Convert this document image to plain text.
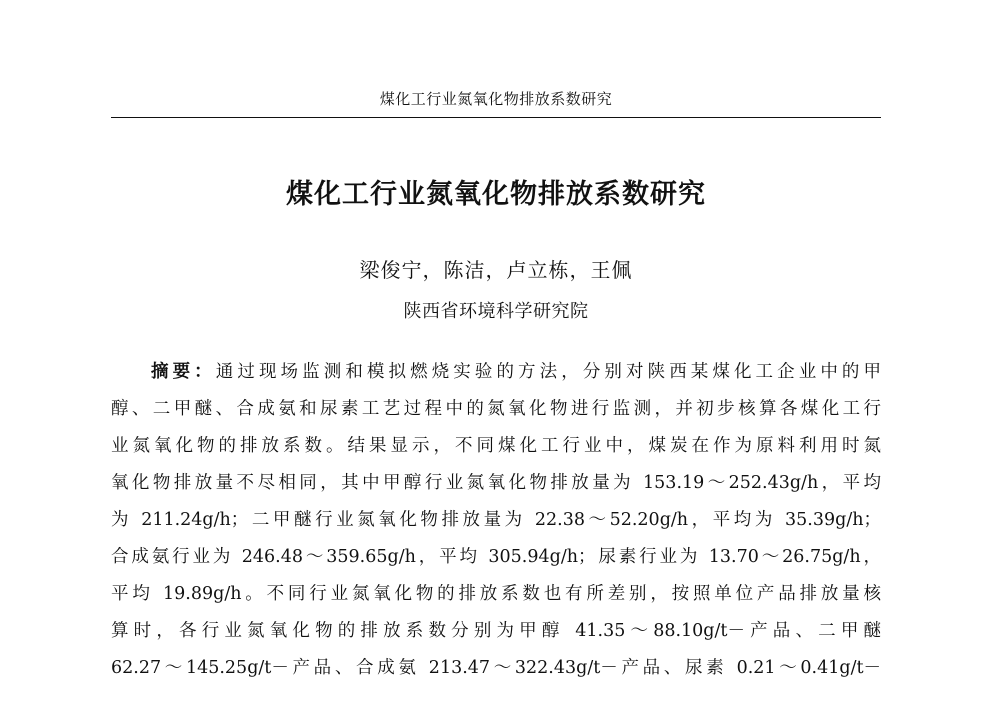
煤化工行业氮氧化物排放系数研究
煤化工行业氮氧化物排放系数研究
梁俊宁，陈洁，卢立栋，王佩
陕西省环境科学研究院
摘要：通过现场监测和模拟燃烧实验的方法，分别对陕西某煤化工企业中的甲
醇、二甲醚、合成氨和尿素工艺过程中的氮氧化物进行监测，并初步核算各煤化工行
业氮氧化物的排放系数。结果显示，不同煤化工行业中，煤炭在作为原料利用时氮
氧化物排放量不尽相同，其中甲醇行业氮氧化物排放量为 153.19～252.43g/h，平均
为 211.24g/h；二甲醚行业氮氧化物排放量为 22.38～52.20g/h，平均为 35.39g/h；
合成氨行业为 246.48～359.65g/h，平均 305.94g/h；尿素行业为 13.70～26.75g/h，
平均 19.89g/h。不同行业氮氧化物的排放系数也有所差别，按照单位产品排放量核
算时，各行业氮氧化物的排放系数分别为甲醇 41.35～88.10g/t－产品、二甲醚
62.27～145.25g/t－产品、合成氨 213.47～322.43g/t－产品、尿素 0.21～0.41g/t－
